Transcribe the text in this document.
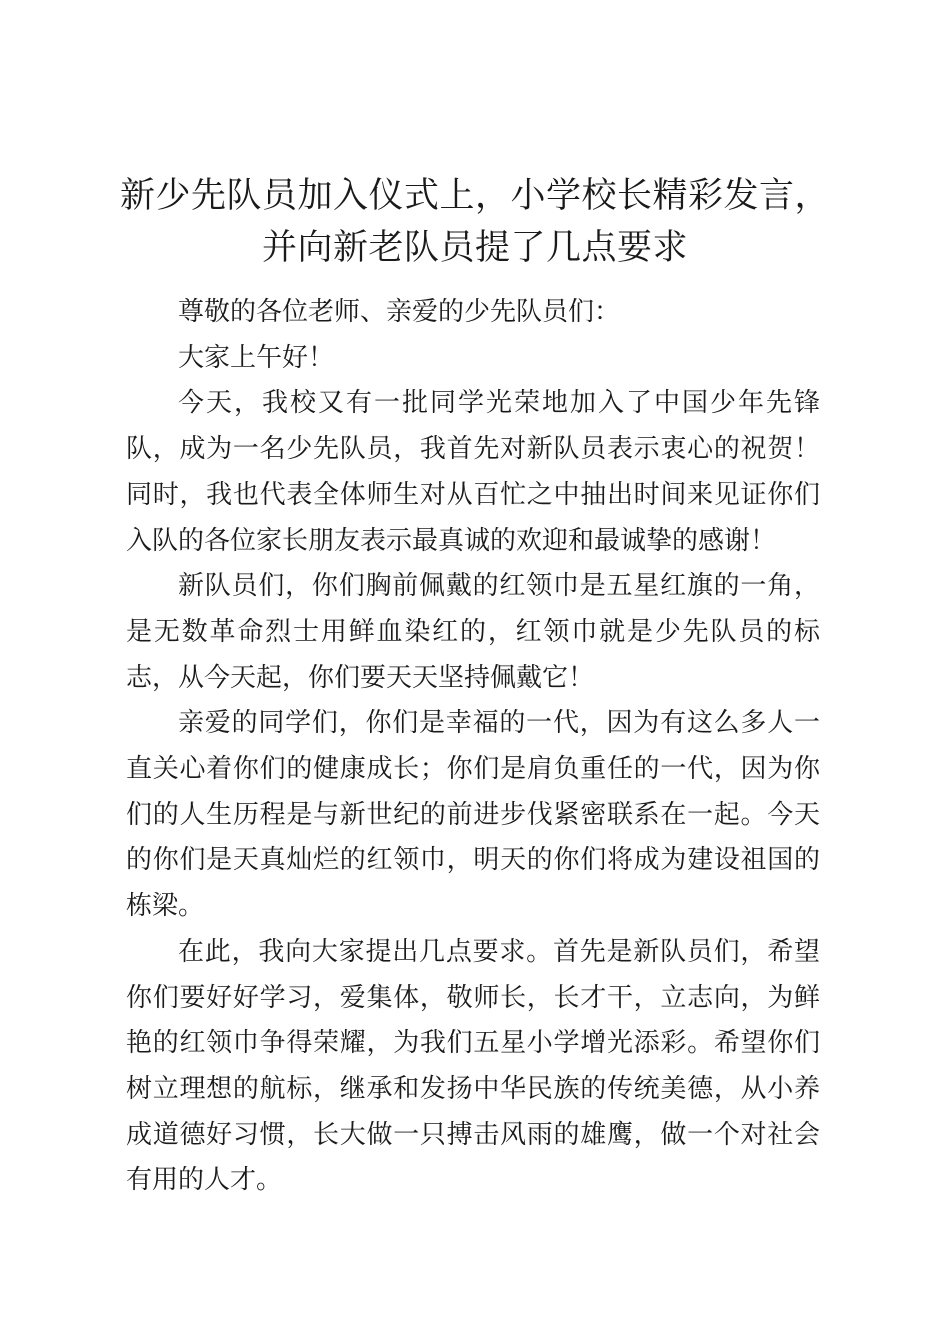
新少先队员加入仪式上，小学校长精彩发言，
并向新老队员提了几点要求

尊敬的各位老师、亲爱的少先队员们：

大家上午好！

今天，我校又有一批同学光荣地加入了中国少年先锋队，成为一名少先队员，我首先对新队员表示衷心的祝贺！同时，我也代表全体师生对从百忙之中抽出时间来见证你们入队的各位家长朋友表示最真诚的欢迎和最诚挚的感谢！

新队员们，你们胸前佩戴的红领巾是五星红旗的一角，是无数革命烈士用鲜血染红的，红领巾就是少先队员的标志，从今天起，你们要天天坚持佩戴它！

亲爱的同学们，你们是幸福的一代，因为有这么多人一直关心着你们的健康成长；你们是肩负重任的一代，因为你们的人生历程是与新世纪的前进步伐紧密联系在一起。今天的你们是天真灿烂的红领巾，明天的你们将成为建设祖国的栋梁。

在此，我向大家提出几点要求。首先是新队员们，希望你们要好好学习，爱集体，敬师长，长才干，立志向，为鲜艳的红领巾争得荣耀，为我们五星小学增光添彩。希望你们树立理想的航标，继承和发扬中华民族的传统美德，从小养成道德好习惯，长大做一只搏击风雨的雄鹰，做一个对社会有用的人才。
